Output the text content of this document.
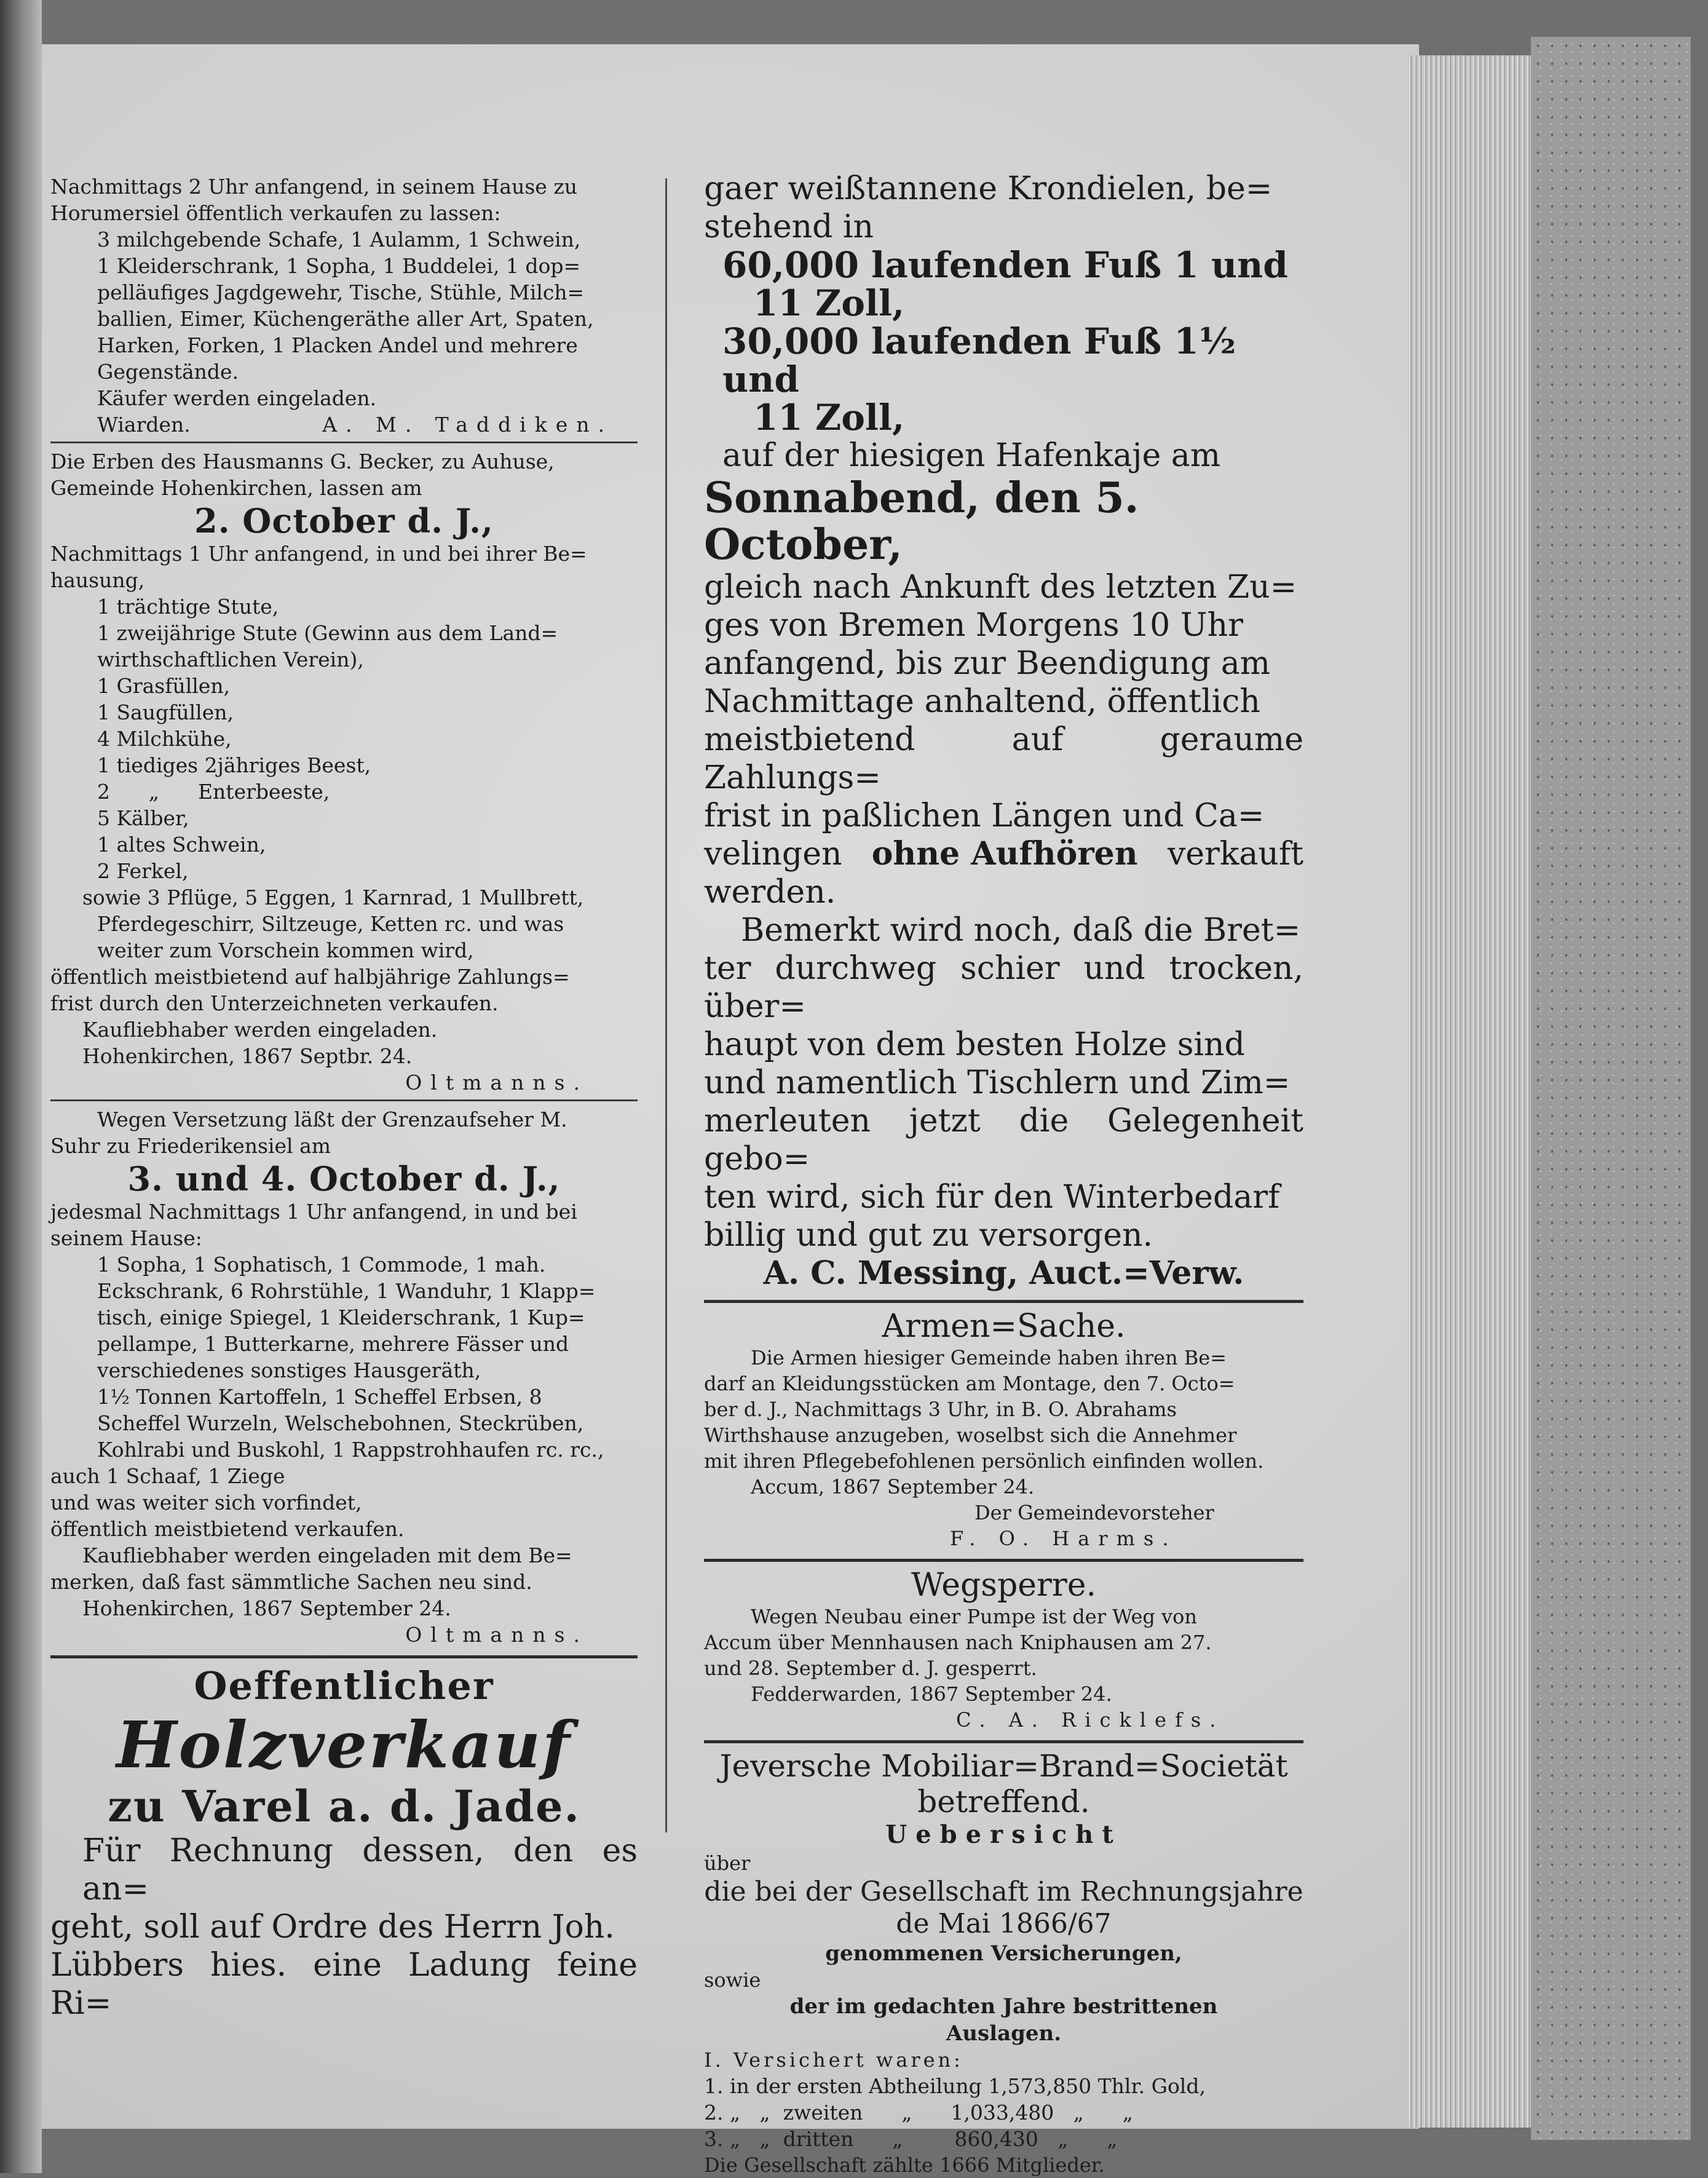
Nachmittags 2 Uhr anfangend, in seinem Hause zu

Horumersiel öffentlich verkaufen zu lassen:

3 milchgebende Schafe, 1 Aulamm, 1 Schwein,

1 Kleiderschrank, 1 Sopha, 1 Buddelei, 1 dop=

pelläufiges Jagdgewehr, Tische, Stühle, Milch=

ballien, Eimer, Küchengeräthe aller Art, Spaten,

Harken, Forken, 1 Placken Andel und mehrere

Gegenstände.

Käufer werden eingeladen.

Wiarden.	A. M. Taddiken.

Die Erben des Hausmanns G. Becker, zu Auhuse,

Gemeinde Hohenkirchen, lassen am

2. October d. J.,

Nachmittags 1 Uhr anfangend, in und bei ihrer Be=

hausung,

1 trächtige Stute,

1 zweijährige Stute (Gewinn aus dem Land=

wirthschaftlichen Verein),

1 Grasfüllen,

1 Saugfüllen,

4 Milchkühe,

1 tiediges 2jähriges Beest,

2      „      Enterbeeste,

5 Kälber,

1 altes Schwein,

2 Ferkel,

sowie 3 Pflüge, 5 Eggen, 1 Karnrad, 1 Mullbrett,

Pferdegeschirr, Siltzeuge, Ketten rc. und was

weiter zum Vorschein kommen wird,

öffentlich meistbietend auf halbjährige Zahlungs=

frist durch den Unterzeichneten verkaufen.

Kaufliebhaber werden eingeladen.

Hohenkirchen, 1867 Septbr. 24.

Oltmanns.

Wegen Versetzung läßt der Grenzaufseher M.

Suhr zu Friederikensiel am

3. und 4. October d. J.,

jedesmal Nachmittags 1 Uhr anfangend, in und bei

seinem Hause:

1 Sopha, 1 Sophatisch, 1 Commode, 1 mah.

Eckschrank, 6 Rohrstühle, 1 Wanduhr, 1 Klapp=

tisch, einige Spiegel, 1 Kleiderschrank, 1 Kup=

pellampe, 1 Butterkarne, mehrere Fässer und

verschiedenes sonstiges Hausgeräth,

1½ Tonnen Kartoffeln, 1 Scheffel Erbsen, 8

Scheffel Wurzeln, Welschebohnen, Steckrüben,

Kohlrabi und Buskohl, 1 Rappstrohhaufen rc. rc.,

auch 1 Schaaf, 1 Ziege

und was weiter sich vorfindet,

öffentlich meistbietend verkaufen.

Kaufliebhaber werden eingeladen mit dem Be=

merken, daß fast sämmtliche Sachen neu sind.

Hohenkirchen, 1867 September 24.

Oltmanns.

Oeffentlicher

Holzverkauf

zu Varel a. d. Jade.

Für Rechnung dessen, den es an=

geht, soll auf Ordre des Herrn Joh.

Lübbers hies. eine Ladung feine Ri=

gaer weißtannene Krondielen, be=

stehend in

60,000 laufenden Fuß 1 und

11 Zoll,

30,000 laufenden Fuß 1½ und

11 Zoll,

auf der hiesigen Hafenkaje am

Sonnabend, den 5. October,

gleich nach Ankunft des letzten Zu=

ges von Bremen Morgens 10 Uhr

anfangend, bis zur Beendigung am

Nachmittage anhaltend, öffentlich

meistbietend auf geraume Zahlungs=

frist in paßlichen Längen und Ca=

velingen ohne Aufhören verkauft

werden.

Bemerkt wird noch, daß die Bret=

ter durchweg schier und trocken, über=

haupt von dem besten Holze sind

und namentlich Tischlern und Zim=

merleuten jetzt die Gelegenheit gebo=

ten wird, sich für den Winterbedarf

billig und gut zu versorgen.

A. C. Messing, Auct.=Verw.

Armen=Sache.

Die Armen hiesiger Gemeinde haben ihren Be=

darf an Kleidungsstücken am Montage, den 7. Octo=

ber d. J., Nachmittags 3 Uhr, in B. O. Abrahams

Wirthshause anzugeben, woselbst sich die Annehmer

mit ihren Pflegebefohlenen persönlich einfinden wollen.

Accum, 1867 September 24.

Der Gemeindevorsteher

F. O. Harms.

Wegsperre.

Wegen Neubau einer Pumpe ist der Weg von

Accum über Mennhausen nach Kniphausen am 27.

und 28. September d. J. gesperrt.

Fedderwarden, 1867 September 24.

C. A. Ricklefs.

Jeversche Mobiliar=Brand=Societät

betreffend.

Uebersicht

über

die bei der Gesellschaft im Rechnungsjahre

de Mai 1866/67

genommenen Versicherungen,

sowie

der im gedachten Jahre bestrittenen

Auslagen.

I. Versichert waren:

1. in der ersten Abtheilung 1,573,850 Thlr. Gold,

2. „   „  zweiten      „      1,033,480   „      „

3. „   „  dritten      „        860,430   „      „

Die Gesellschaft zählte 1666 Mitglieder.
